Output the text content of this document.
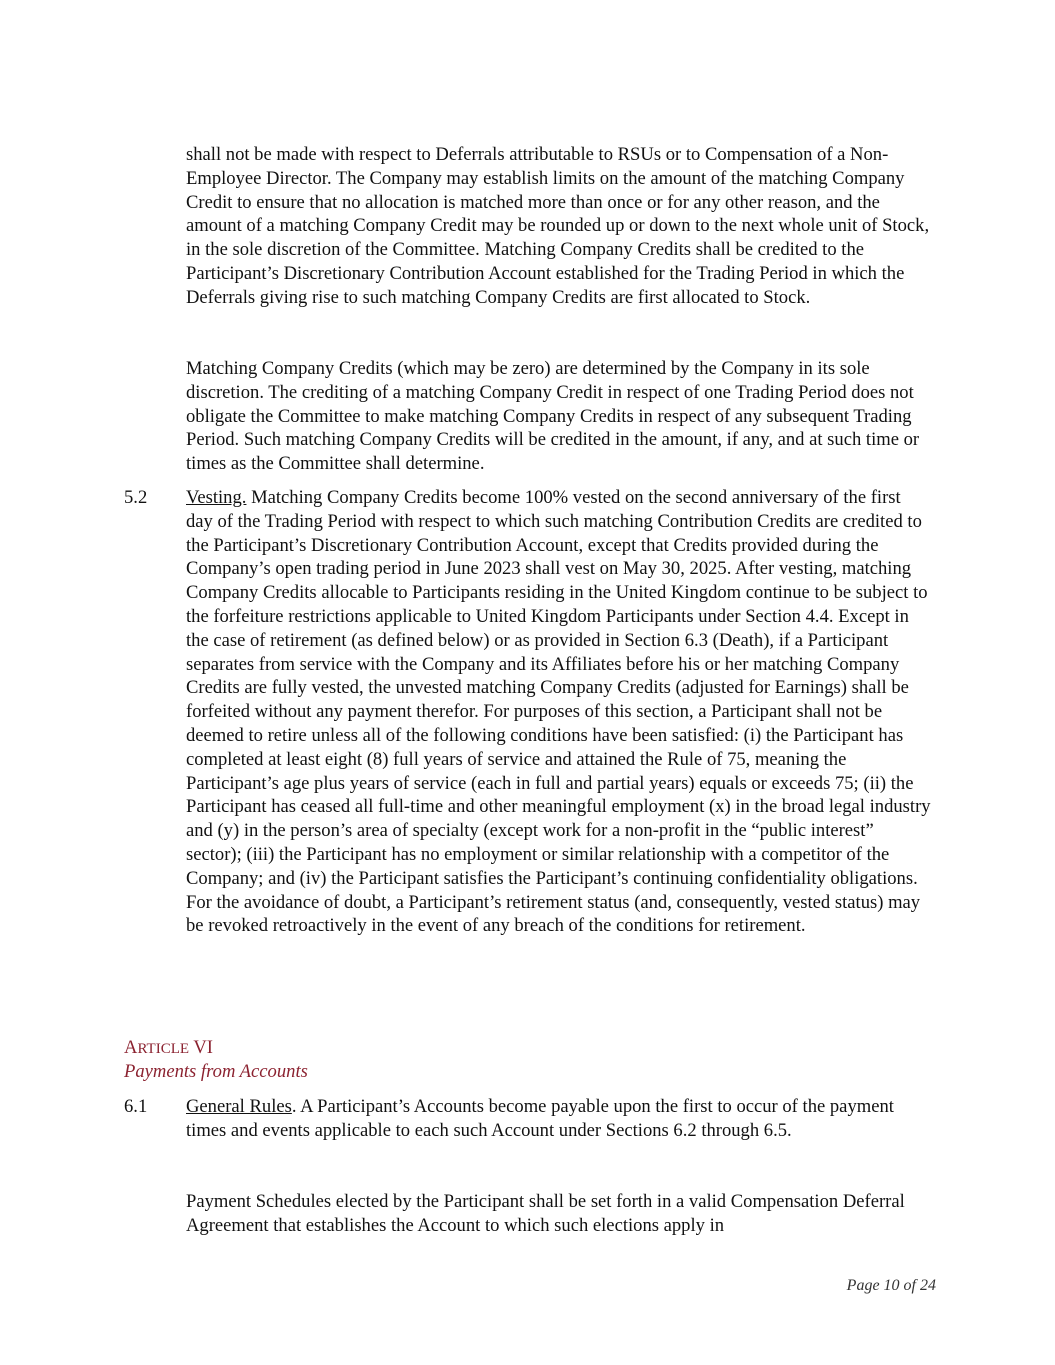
shall not be made with respect to Deferrals attributable to RSUs or to Compensation of a Non-Employee Director. The Company may establish limits on the amount of the matching Company Credit to ensure that no allocation is matched more than once or for any other reason, and the amount of a matching Company Credit may be rounded up or down to the next whole unit of Stock, in the sole discretion of the Committee. Matching Company Credits shall be credited to the Participant’s Discretionary Contribution Account established for the Trading Period in which the Deferrals giving rise to such matching Company Credits are first allocated to Stock.

Matching Company Credits (which may be zero) are determined by the Company in its sole discretion. The crediting of a matching Company Credit in respect of one Trading Period does not obligate the Committee to make matching Company Credits in respect of any subsequent Trading Period. Such matching Company Credits will be credited in the amount, if any, and at such time or times as the Committee shall determine.

5.2 Vesting. Matching Company Credits become 100% vested on the second anniversary of the first day of the Trading Period with respect to which such matching Contribution Credits are credited to the Participant’s Discretionary Contribution Account, except that Credits provided during the Company’s open trading period in June 2023 shall vest on May 30, 2025. After vesting, matching Company Credits allocable to Participants residing in the United Kingdom continue to be subject to the forfeiture restrictions applicable to United Kingdom Participants under Section 4.4. Except in the case of retirement (as defined below) or as provided in Section 6.3 (Death), if a Participant separates from service with the Company and its Affiliates before his or her matching Company Credits are fully vested, the unvested matching Company Credits (adjusted for Earnings) shall be forfeited without any payment therefor. For purposes of this section, a Participant shall not be deemed to retire unless all of the following conditions have been satisfied: (i) the Participant has completed at least eight (8) full years of service and attained the Rule of 75, meaning the Participant’s age plus years of service (each in full and partial years) equals or exceeds 75; (ii) the Participant has ceased all full-time and other meaningful employment (x) in the broad legal industry and (y) in the person’s area of specialty (except work for a non-profit in the “public interest” sector); (iii) the Participant has no employment or similar relationship with a competitor of the Company; and (iv) the Participant satisfies the Participant’s continuing confidentiality obligations. For the avoidance of doubt, a Participant’s retirement status (and, consequently, vested status) may be revoked retroactively in the event of any breach of the conditions for retirement.

ARTICLE VI
Payments from Accounts
6.1 General Rules. A Participant’s Accounts become payable upon the first to occur of the payment times and events applicable to each such Account under Sections 6.2 through 6.5.

Payment Schedules elected by the Participant shall be set forth in a valid Compensation Deferral Agreement that establishes the Account to which such elections apply in

Page 10 of 24
